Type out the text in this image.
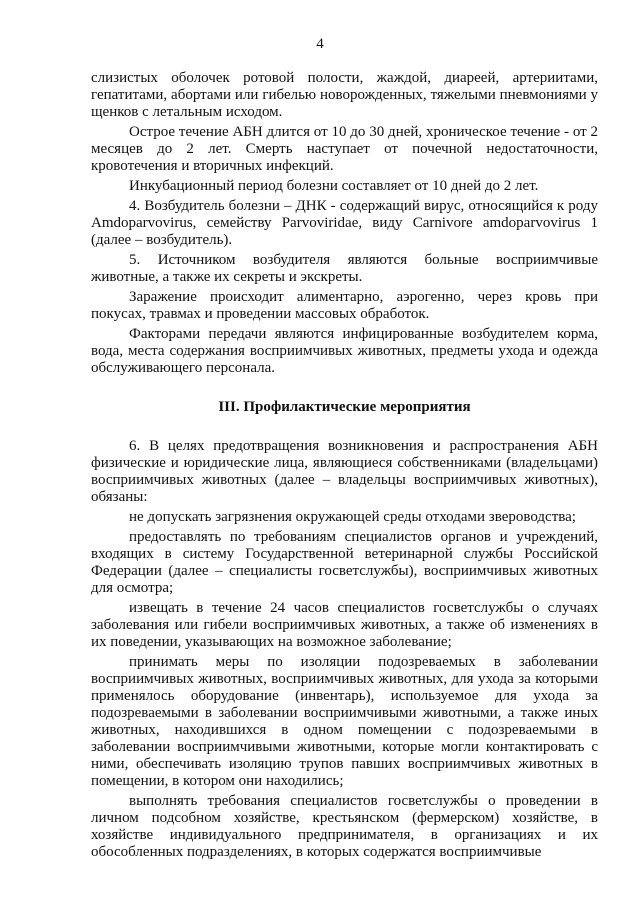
4

слизистых оболочек ротовой полости, жаждой, диареей, артериитами, гепатитами, абортами или гибелью новорожденных, тяжелыми пневмониями у щенков с летальным исходом.

Острое течение АБН длится от 10 до 30 дней, хроническое течение - от 2 месяцев до 2 лет. Смерть наступает от почечной недостаточности, кровотечения и вторичных инфекций.

Инкубационный период болезни составляет от 10 дней до 2 лет.

4. Возбудитель болезни – ДНК - содержащий вирус, относящийся к роду Amdoparvovirus, семейству Parvoviridae, виду Carnivore amdoparvovirus 1 (далее – возбудитель).

5. Источником возбудителя являются больные восприимчивые животные, а также их секреты и экскреты.

Заражение происходит алиментарно, аэрогенно, через кровь при покусах, травмах и проведении массовых обработок.

Факторами передачи являются инфицированные возбудителем корма, вода, места содержания восприимчивых животных, предметы ухода и одежда обслуживающего персонала.

III. Профилактические мероприятия

6. В целях предотвращения возникновения и распространения АБН физические и юридические лица, являющиеся собственниками (владельцами) восприимчивых животных (далее – владельцы восприимчивых животных), обязаны:

не допускать загрязнения окружающей среды отходами звероводства;

предоставлять по требованиям специалистов органов и учреждений, входящих в систему Государственной ветеринарной службы Российской Федерации (далее – специалисты госветслужбы), восприимчивых животных для осмотра;

извещать в течение 24 часов специалистов госветслужбы о случаях заболевания или гибели восприимчивых животных, а также об изменениях в их поведении, указывающих на возможное заболевание;

принимать меры по изоляции подозреваемых в заболевании восприимчивых животных, восприимчивых животных, для ухода за которыми применялось оборудование (инвентарь), используемое для ухода за подозреваемыми в заболевании восприимчивыми животными, а также иных животных, находившихся в одном помещении с подозреваемыми в заболевании восприимчивыми животными, которые могли контактировать с ними, обеспечивать изоляцию трупов павших восприимчивых животных в помещении, в котором они находились;

выполнять требования специалистов госветслужбы о проведении в личном подсобном хозяйстве, крестьянском (фермерском) хозяйстве, в хозяйстве индивидуального предпринимателя, в организациях и их обособленных подразделениях, в которых содержатся восприимчивые
